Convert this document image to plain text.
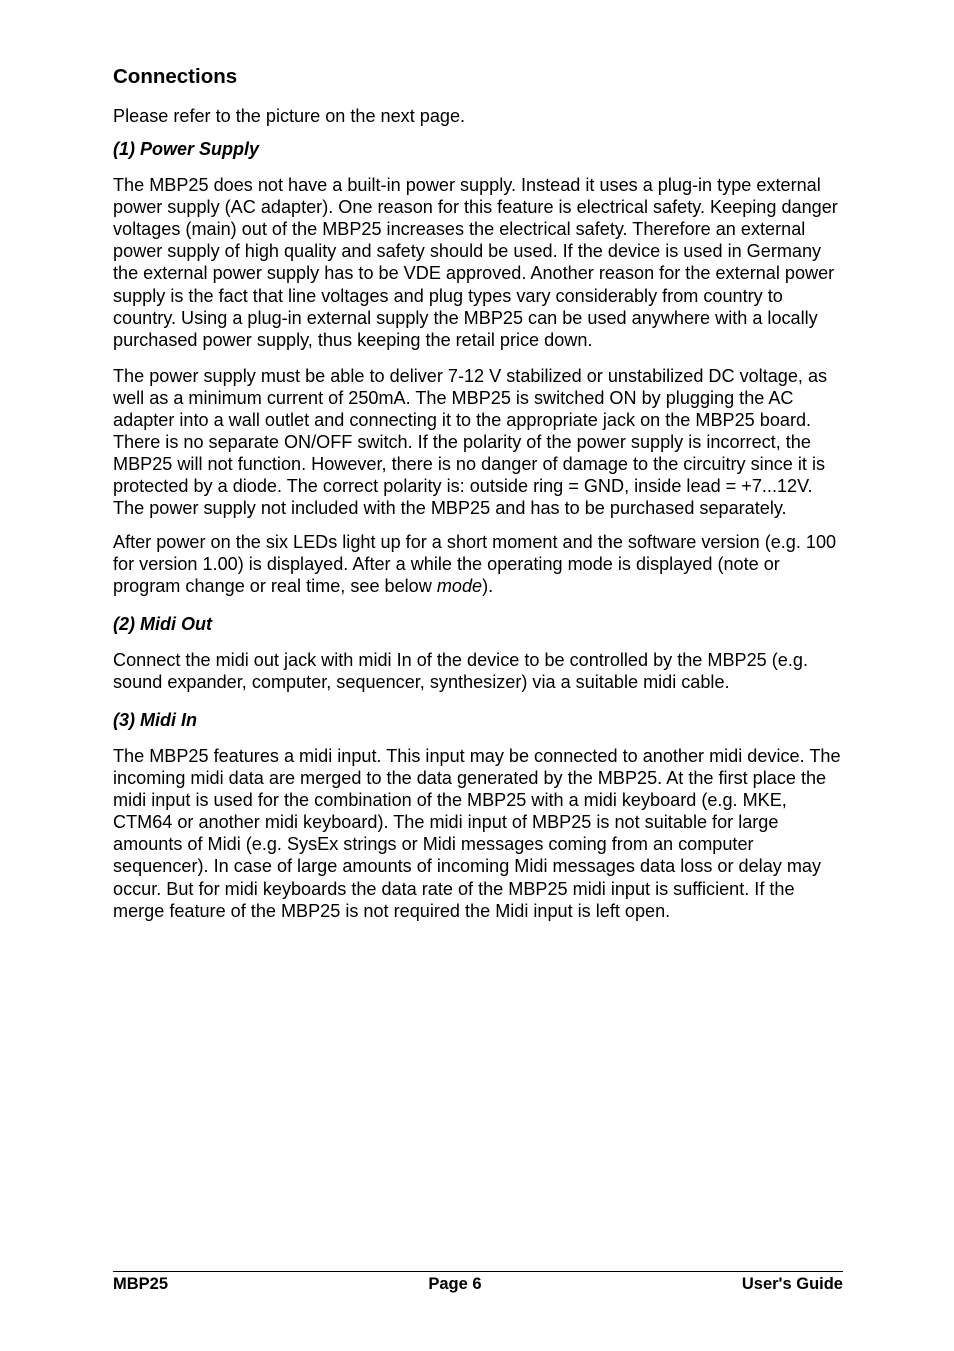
Connections

Please refer to the picture on the next page.

(1) Power Supply

The MBP25 does not have a built-in power supply. Instead it uses a plug-in type external power supply (AC adapter). One reason for this feature is electrical safety. Keeping danger voltages (main) out of the MBP25 increases the electrical safety. Therefore an external power supply of high quality and safety should be used. If the device is used in Germany the external power supply has to be VDE approved. Another reason for the external power supply is the fact that line voltages and plug types vary considerably from country to country. Using a plug-in external supply the MBP25 can be used anywhere with a locally purchased power supply, thus keeping the retail price down.

The power supply must be able to deliver 7-12 V stabilized or unstabilized DC voltage, as well as a minimum current of 250mA. The MBP25 is switched ON by plugging the AC adapter into a wall outlet and connecting it to the appropriate jack on the MBP25 board. There is no separate ON/OFF switch. If the polarity of the power supply is incorrect, the MBP25 will not function. However, there is no danger of damage to the circuitry since it is protected by a diode. The correct polarity is: outside ring = GND, inside lead = +7...12V. The power supply not included with the MBP25 and has to be purchased separately.

After power on the six LEDs light up for a short moment and the software version (e.g. 100 for version 1.00) is displayed. After a while the operating mode is displayed (note or program change or real time, see below mode).

(2) Midi Out

Connect the midi out jack with midi In of the device to be controlled by the MBP25 (e.g. sound expander, computer, sequencer, synthesizer) via a suitable midi cable.

(3) Midi In

The MBP25 features a midi input. This input may be connected to another midi device. The incoming midi data are merged to the data generated by the MBP25. At the first place the midi input is used for the combination of the MBP25 with a midi keyboard (e.g. MKE, CTM64 or another midi keyboard). The midi input of MBP25 is not suitable for large amounts of Midi (e.g. SysEx strings or Midi messages coming from an computer sequencer). In case of large amounts of incoming Midi messages data loss or delay may occur. But for midi keyboards the data rate of the MBP25 midi input is sufficient. If the merge feature of the MBP25 is not required the Midi input is left open.

MBP25	Page 6	User's Guide
